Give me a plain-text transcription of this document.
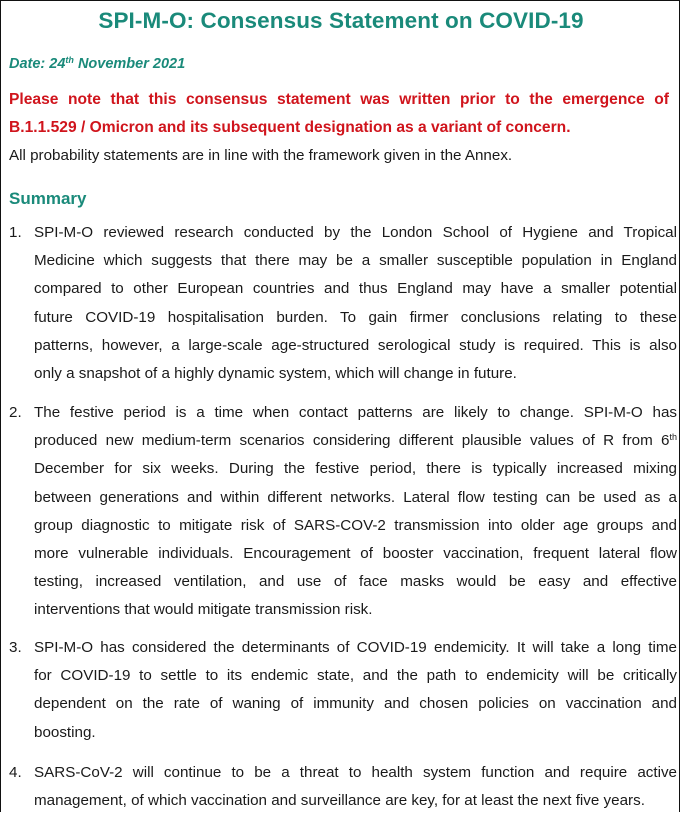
SPI-M-O: Consensus Statement on COVID-19
Date: 24th November 2021
Please note that this consensus statement was written prior to the emergence of
B.1.1.529 / Omicron and its subsequent designation as a variant of concern.
All probability statements are in line with the framework given in the Annex.
Summary
1. SPI-M-O reviewed research conducted by the London School of Hygiene and Tropical
Medicine which suggests that there may be a smaller susceptible population in England
compared to other European countries and thus England may have a smaller potential
future COVID-19 hospitalisation burden. To gain firmer conclusions relating to these
patterns, however, a large-scale age-structured serological study is required. This is also
only a snapshot of a highly dynamic system, which will change in future.
2. The festive period is a time when contact patterns are likely to change. SPI-M-O has
produced new medium-term scenarios considering different plausible values of R from 6th
December for six weeks. During the festive period, there is typically increased mixing
between generations and within different networks. Lateral flow testing can be used as a
group diagnostic to mitigate risk of SARS-COV-2 transmission into older age groups and
more vulnerable individuals. Encouragement of booster vaccination, frequent lateral flow
testing, increased ventilation, and use of face masks would be easy and effective
interventions that would mitigate transmission risk.
3. SPI-M-O has considered the determinants of COVID-19 endemicity. It will take a long time
for COVID-19 to settle to its endemic state, and the path to endemicity will be critically
dependent on the rate of waning of immunity and chosen policies on vaccination and
boosting.
4. SARS-CoV-2 will continue to be a threat to health system function and require active
management, of which vaccination and surveillance are key, for at least the next five years.
